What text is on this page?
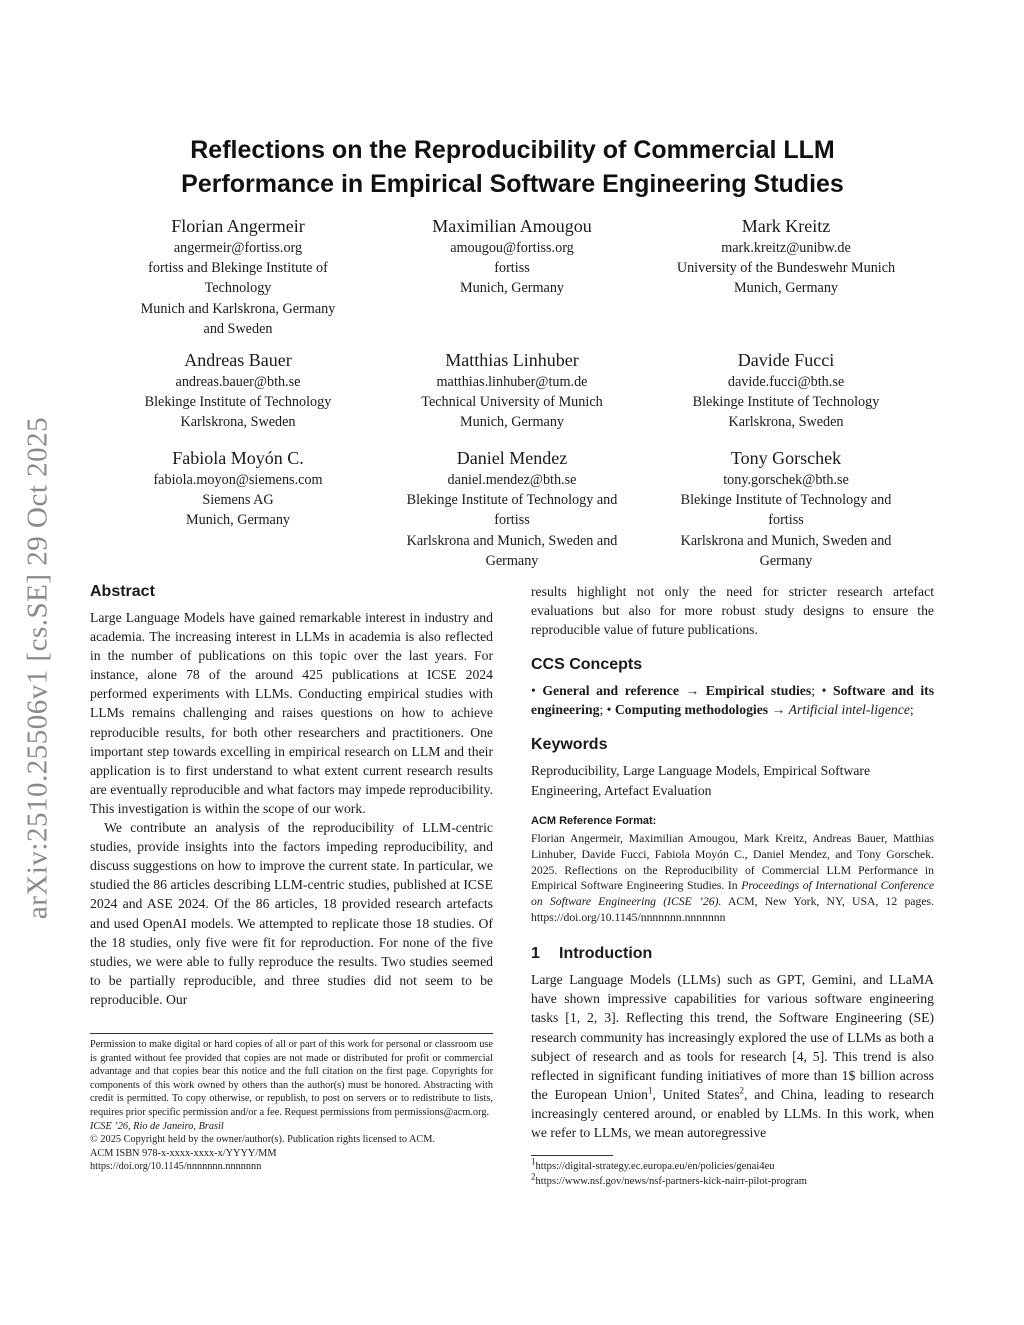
arXiv:2510.25506v1 [cs.SE] 29 Oct 2025
Reflections on the Reproducibility of Commercial LLM
Performance in Empirical Software Engineering Studies
Florian Angermeir
angermeir@fortiss.org
fortiss and Blekinge Institute of
Technology
Munich and Karlskrona, Germany
and Sweden
Maximilian Amougou
amougou@fortiss.org
fortiss
Munich, Germany
Mark Kreitz
mark.kreitz@unibw.de
University of the Bundeswehr Munich
Munich, Germany
Andreas Bauer
andreas.bauer@bth.se
Blekinge Institute of Technology
Karlskrona, Sweden
Matthias Linhuber
matthias.linhuber@tum.de
Technical University of Munich
Munich, Germany
Davide Fucci
davide.fucci@bth.se
Blekinge Institute of Technology
Karlskrona, Sweden
Fabiola Moyón C.
fabiola.moyon@siemens.com
Siemens AG
Munich, Germany
Daniel Mendez
daniel.mendez@bth.se
Blekinge Institute of Technology and
fortiss
Karlskrona and Munich, Sweden and
Germany
Tony Gorschek
tony.gorschek@bth.se
Blekinge Institute of Technology and
fortiss
Karlskrona and Munich, Sweden and
Germany
Abstract

Large Language Models have gained remarkable interest in industry and academia. The increasing interest in LLMs in academia is also reflected in the number of publications on this topic over the last years. For instance, alone 78 of the around 425 publications at ICSE 2024 performed experiments with LLMs. Conducting empirical studies with LLMs remains challenging and raises questions on how to achieve reproducible results, for both other researchers and practitioners. One important step towards excelling in empirical research on LLM and their application is to first understand to what extent current research results are eventually reproducible and what factors may impede reproducibility. This investigation is within the scope of our work.

We contribute an analysis of the reproducibility of LLM-centric studies, provide insights into the factors impeding reproducibility, and discuss suggestions on how to improve the current state. In particular, we studied the 86 articles describing LLM-centric studies, published at ICSE 2024 and ASE 2024. Of the 86 articles, 18 provided research artefacts and used OpenAI models. We attempted to replicate those 18 studies. Of the 18 studies, only five were fit for reproduction. For none of the five studies, we were able to fully reproduce the results. Two studies seemed to be partially reproducible, and three studies did not seem to be reproducible. Our

Permission to make digital or hard copies of all or part of this work for personal or classroom use is granted without fee provided that copies are not made or distributed for profit or commercial advantage and that copies bear this notice and the full citation on the first page. Copyrights for components of this work owned by others than the author(s) must be honored. Abstracting with credit is permitted. To copy otherwise, or republish, to post on servers or to redistribute to lists, requires prior specific permission and/or a fee. Request permissions from permissions@acm.org.

ICSE ’26, Rio de Janeiro, Brasil
© 2025 Copyright held by the owner/author(s). Publication rights licensed to ACM.
ACM ISBN 978-x-xxxx-xxxx-x/YYYY/MM
https://doi.org/10.1145/nnnnnnn.nnnnnnn

results highlight not only the need for stricter research artefact evaluations but also for more robust study designs to ensure the reproducible value of future publications.

CCS Concepts

• General and reference → Empirical studies; • Software and its engineering; • Computing methodologies → Artificial intel-ligence;

Keywords

Reproducibility, Large Language Models, Empirical Software Engineering, Artefact Evaluation

ACM Reference Format:

Florian Angermeir, Maximilian Amougou, Mark Kreitz, Andreas Bauer, Matthias Linhuber, Davide Fucci, Fabiola Moyón C., Daniel Mendez, and Tony Gorschek. 2025. Reflections on the Reproducibility of Commercial LLM Performance in Empirical Software Engineering Studies. In Proceedings of International Conference on Software Engineering (ICSE ’26). ACM, New York, NY, USA, 12 pages. https://doi.org/10.1145/nnnnnnn.nnnnnnn

1 Introduction

Large Language Models (LLMs) such as GPT, Gemini, and LLaMA have shown impressive capabilities for various software engineering tasks [1, 2, 3]. Reflecting this trend, the Software Engineering (SE) research community has increasingly explored the use of LLMs as both a subject of research and as tools for research [4, 5]. This trend is also reflected in significant funding initiatives of more than 1$ billion across the European Union$^1$, United States$^2$, and China, leading to research increasingly centered around, or enabled by LLMs. In this work, when we refer to LLMs, we mean autoregressive

$^1$https://digital-strategy.ec.europa.eu/en/policies/genai4eu
$^2$https://www.nsf.gov/news/nsf-partners-kick-nairr-pilot-program
